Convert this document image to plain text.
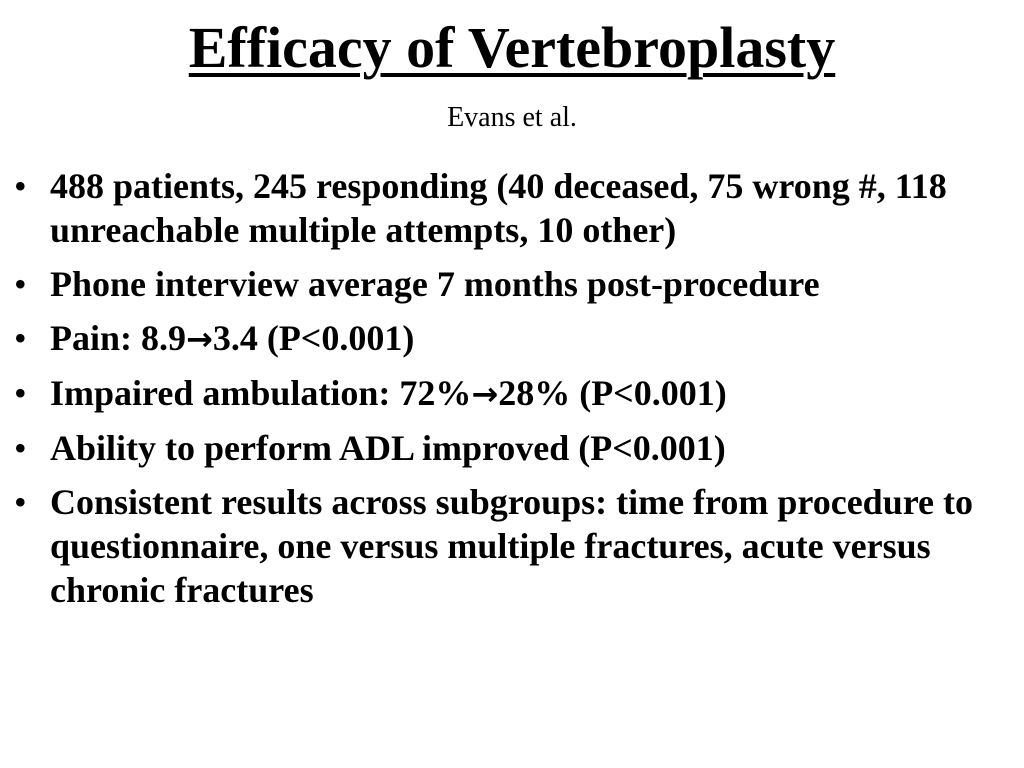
Efficacy of Vertebroplasty

Evans et al.

• 488 patients, 245 responding (40 deceased, 75 wrong #, 118 unreachable multiple attempts, 10 other)
• Phone interview average 7 months post-procedure
• Pain: 8.9→3.4 (P<0.001)
• Impaired ambulation: 72%→28% (P<0.001)
• Ability to perform ADL improved (P<0.001)
• Consistent results across subgroups: time from procedure to questionnaire, one versus multiple fractures, acute versus chronic fractures
